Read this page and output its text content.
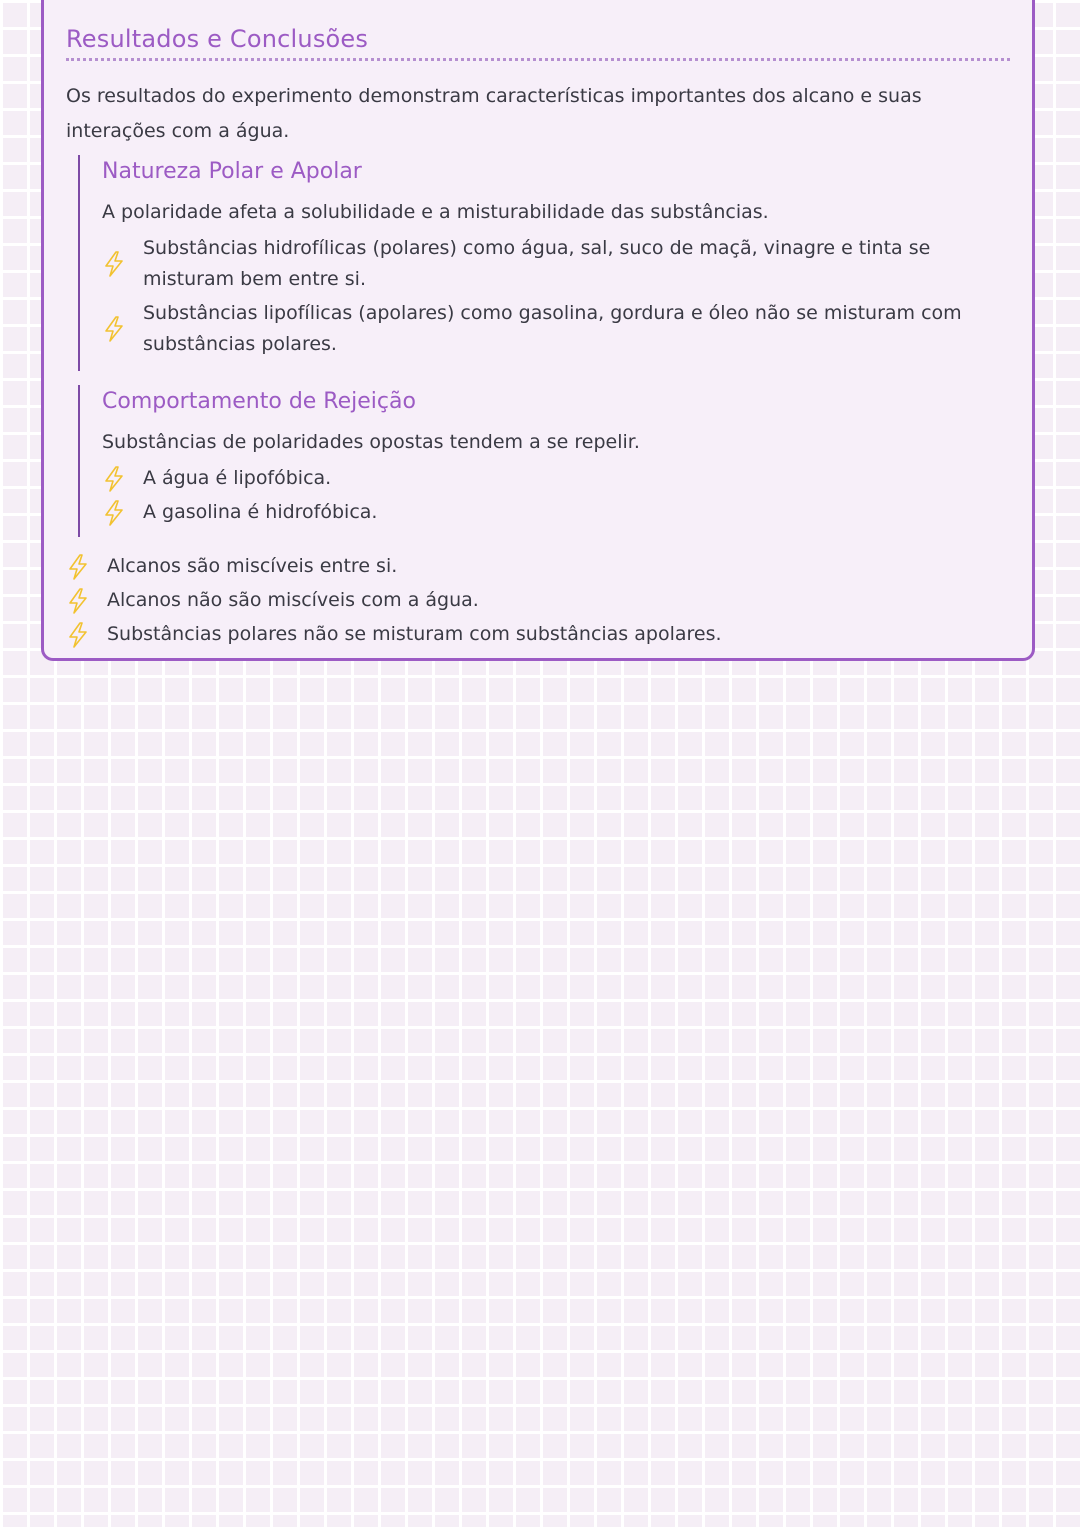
Resultados e Conclusões

Os resultados do experimento demonstram características importantes dos alcano e suas interações com a água.

Natureza Polar e Apolar

A polaridade afeta a solubilidade e a misturabilidade das substâncias.

Substâncias hidrofílicas (polares) como água, sal, suco de maçã, vinagre e tinta se misturam bem entre si.
Substâncias lipofílicas (apolares) como gasolina, gordura e óleo não se misturam com substâncias polares.
Comportamento de Rejeição

Substâncias de polaridades opostas tendem a se repelir.

A água é lipofóbica.
A gasolina é hidrofóbica.
Alcanos são miscíveis entre si.
Alcanos não são miscíveis com a água.
Substâncias polares não se misturam com substâncias apolares.
